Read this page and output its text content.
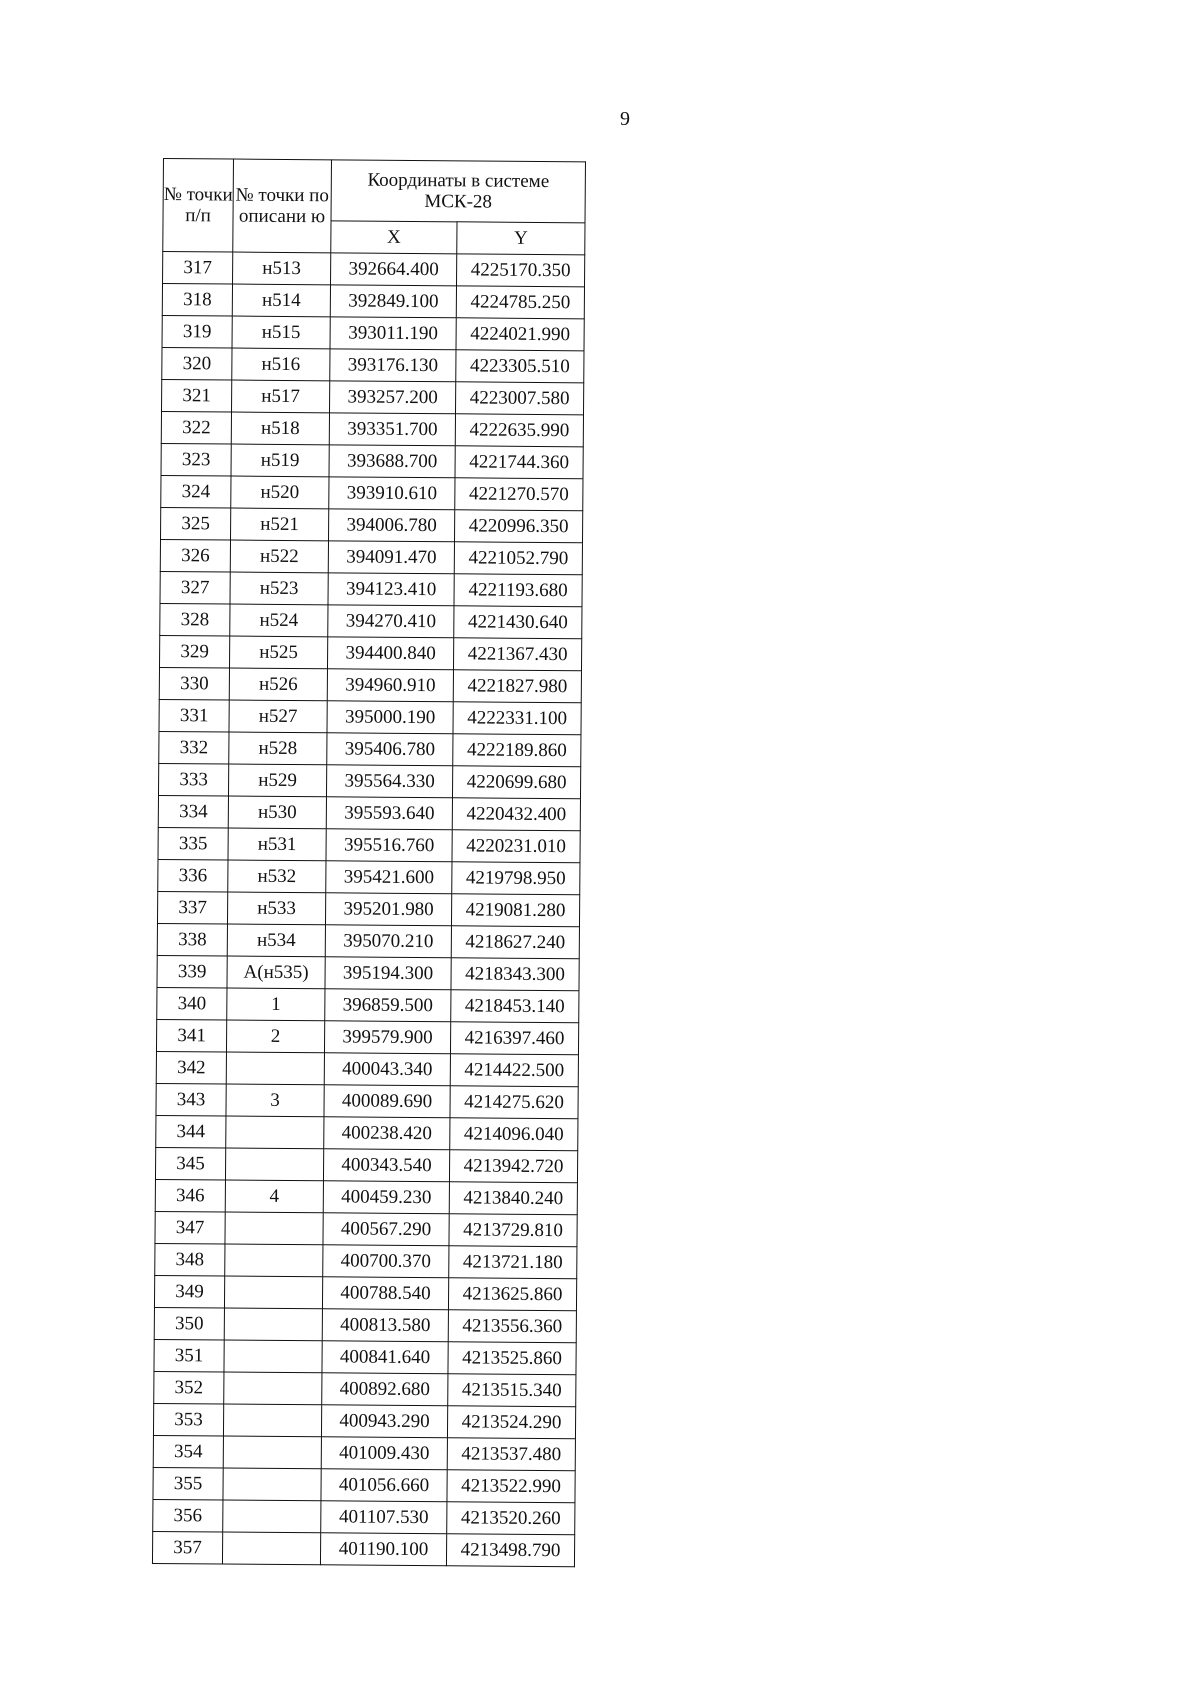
9
№ точки п/п	№ точки по описани ю	Координаты в системе МСК-28	
		X	Y
317	н513	392664.400	4225170.350
318	н514	392849.100	4224785.250
319	н515	393011.190	4224021.990
320	н516	393176.130	4223305.510
321	н517	393257.200	4223007.580
322	н518	393351.700	4222635.990
323	н519	393688.700	4221744.360
324	н520	393910.610	4221270.570
325	н521	394006.780	4220996.350
326	н522	394091.470	4221052.790
327	н523	394123.410	4221193.680
328	н524	394270.410	4221430.640
329	н525	394400.840	4221367.430
330	н526	394960.910	4221827.980
331	н527	395000.190	4222331.100
332	н528	395406.780	4222189.860
333	н529	395564.330	4220699.680
334	н530	395593.640	4220432.400
335	н531	395516.760	4220231.010
336	н532	395421.600	4219798.950
337	н533	395201.980	4219081.280
338	н534	395070.210	4218627.240
339	А(н535)	395194.300	4218343.300
340	1	396859.500	4218453.140
341	2	399579.900	4216397.460
342		400043.340	4214422.500
343	3	400089.690	4214275.620
344		400238.420	4214096.040
345		400343.540	4213942.720
346	4	400459.230	4213840.240
347		400567.290	4213729.810
348		400700.370	4213721.180
349		400788.540	4213625.860
350		400813.580	4213556.360
351		400841.640	4213525.860
352		400892.680	4213515.340
353		400943.290	4213524.290
354		401009.430	4213537.480
355		401056.660	4213522.990
356		401107.530	4213520.260
357		401190.100	4213498.790
